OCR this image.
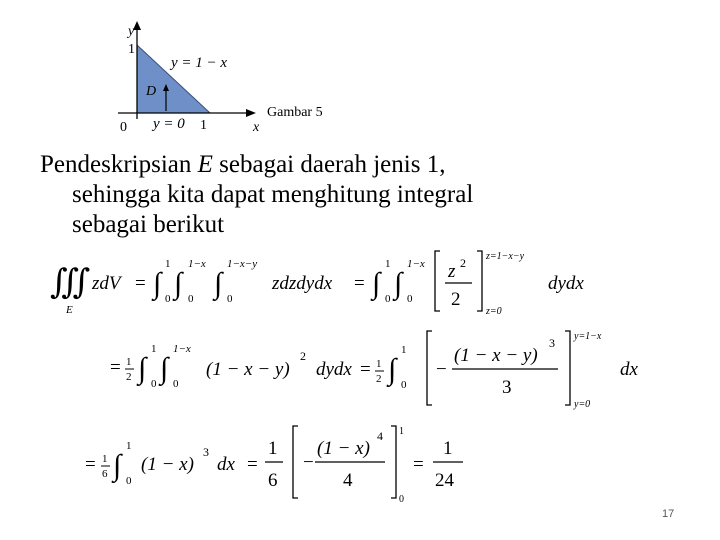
y
1
y = 1 − x
D
0 y = 0 1	x
Gambar 5
Pendeskripsian E sebagai daerah jenis 1,
sehingga kita dapat menghitung integral
sebagai berikut
∭
E
zdV = ∫
1
0 ∫
1−x
0 ∫
1−x−y
0
zdzdydx = ∫
1
0 ∫
1−x
0
z 2
2
z=1−x−y
z=0
dydx
= 1
2 ∫
1
0 ∫
1−x
0
(1 − x − y)
2
dydx = 1
2 ∫
1
0
−
(1 − x − y)
3
3
y=1−x
y=0
dx
= 1
6 ∫
1
0
(1 − x)
3
dx =
1
6
−
(1 − x)
4
4
1
0
=
1
24
17
